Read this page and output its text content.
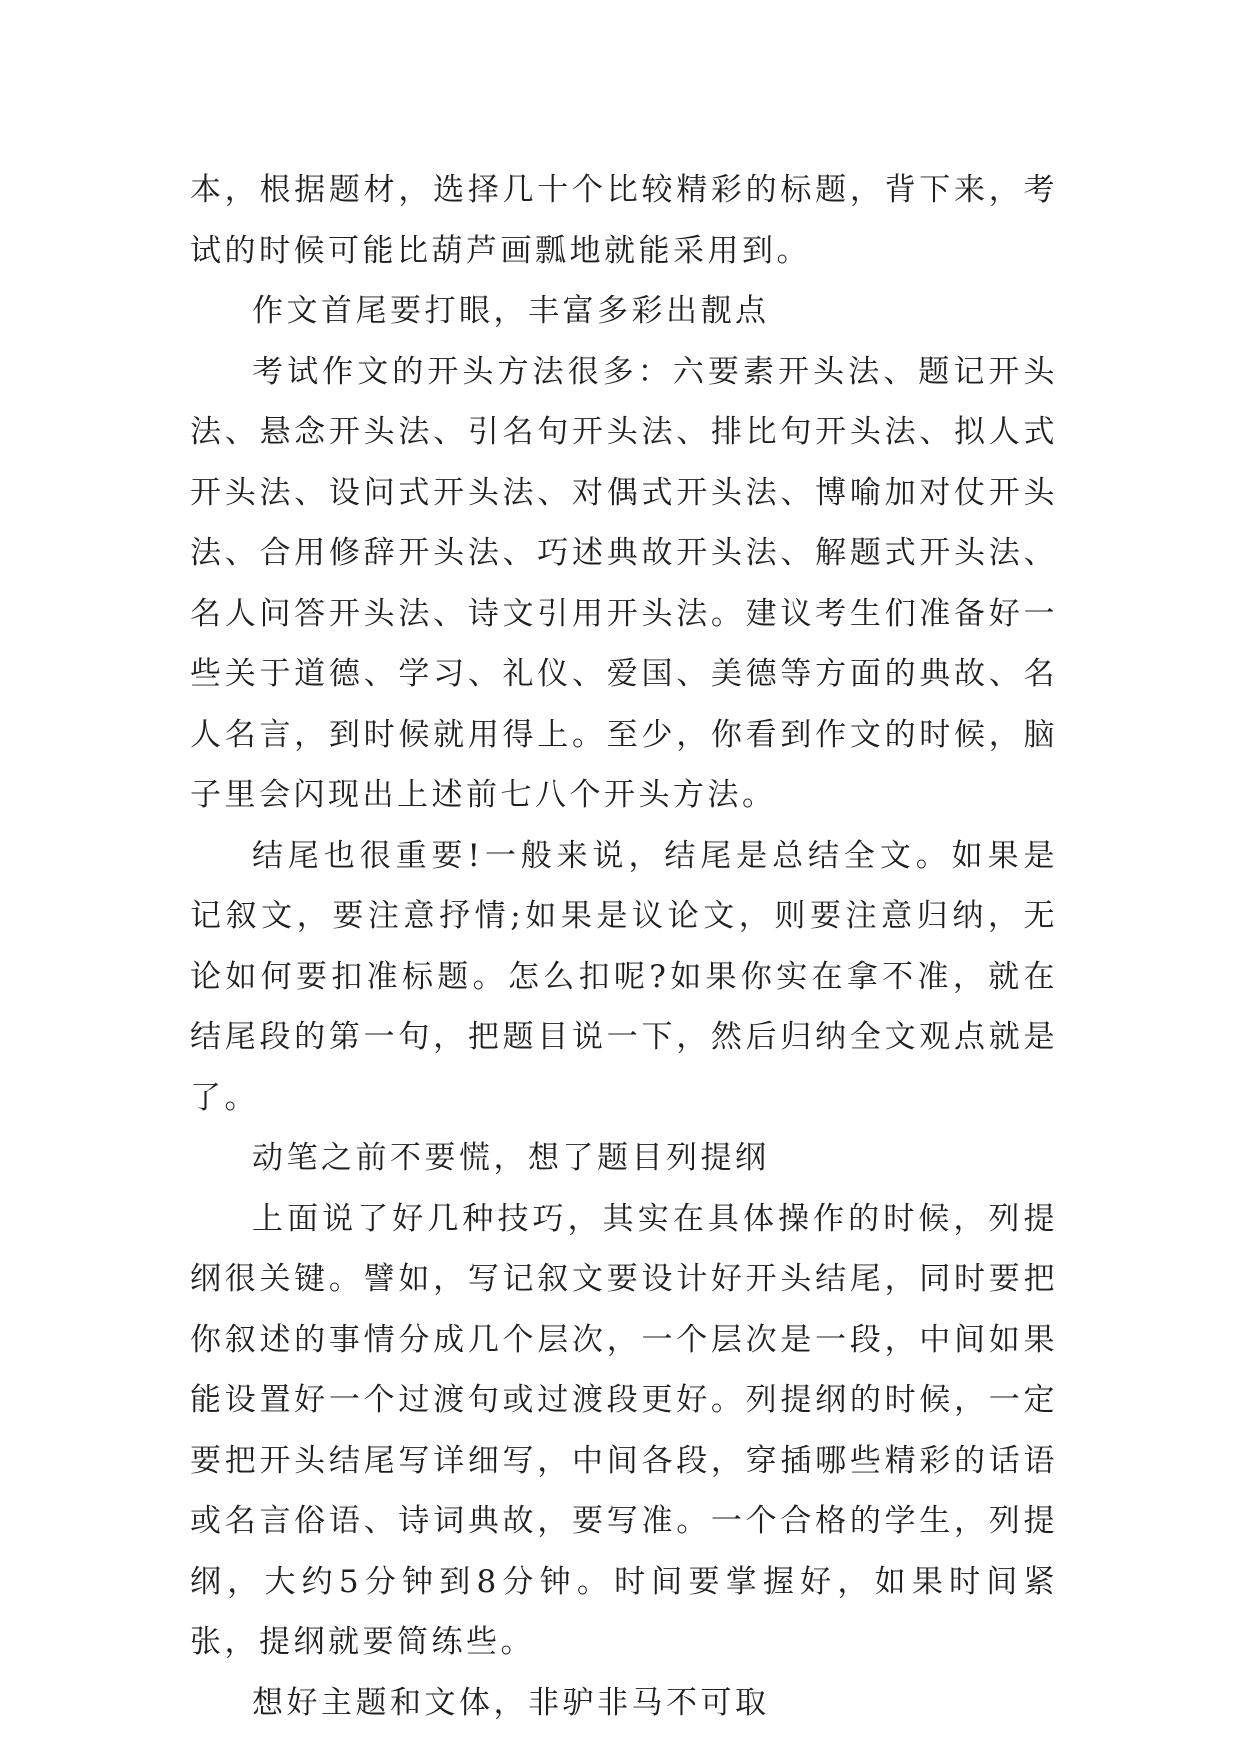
本，根据题材，选择几十个比较精彩的标题，背下来，考试的时候可能比葫芦画瓢地就能采用到。

作文首尾要打眼，丰富多彩出靓点

考试作文的开头方法很多：六要素开头法、题记开头法、悬念开头法、引名句开头法、排比句开头法、拟人式开头法、设问式开头法、对偶式开头法、博喻加对仗开头法、合用修辞开头法、巧述典故开头法、解题式开头法、名人问答开头法、诗文引用开头法。建议考生们准备好一些关于道德、学习、礼仪、爱国、美德等方面的典故、名人名言，到时候就用得上。至少，你看到作文的时候，脑子里会闪现出上述前七八个开头方法。

结尾也很重要!一般来说，结尾是总结全文。如果是记叙文，要注意抒情;如果是议论文，则要注意归纳，无论如何要扣准标题。怎么扣呢?如果你实在拿不准，就在结尾段的第一句，把题目说一下，然后归纳全文观点就是了。

动笔之前不要慌，想了题目列提纲

上面说了好几种技巧，其实在具体操作的时候，列提纲很关键。譬如，写记叙文要设计好开头结尾，同时要把你叙述的事情分成几个层次，一个层次是一段，中间如果能设置好一个过渡句或过渡段更好。列提纲的时候，一定要把开头结尾写详细写，中间各段，穿插哪些精彩的话语或名言俗语、诗词典故，要写准。一个合格的学生，列提纲，大约5分钟到8分钟。时间要掌握好，如果时间紧张，提纲就要简练些。

想好主题和文体，非驴非马不可取
